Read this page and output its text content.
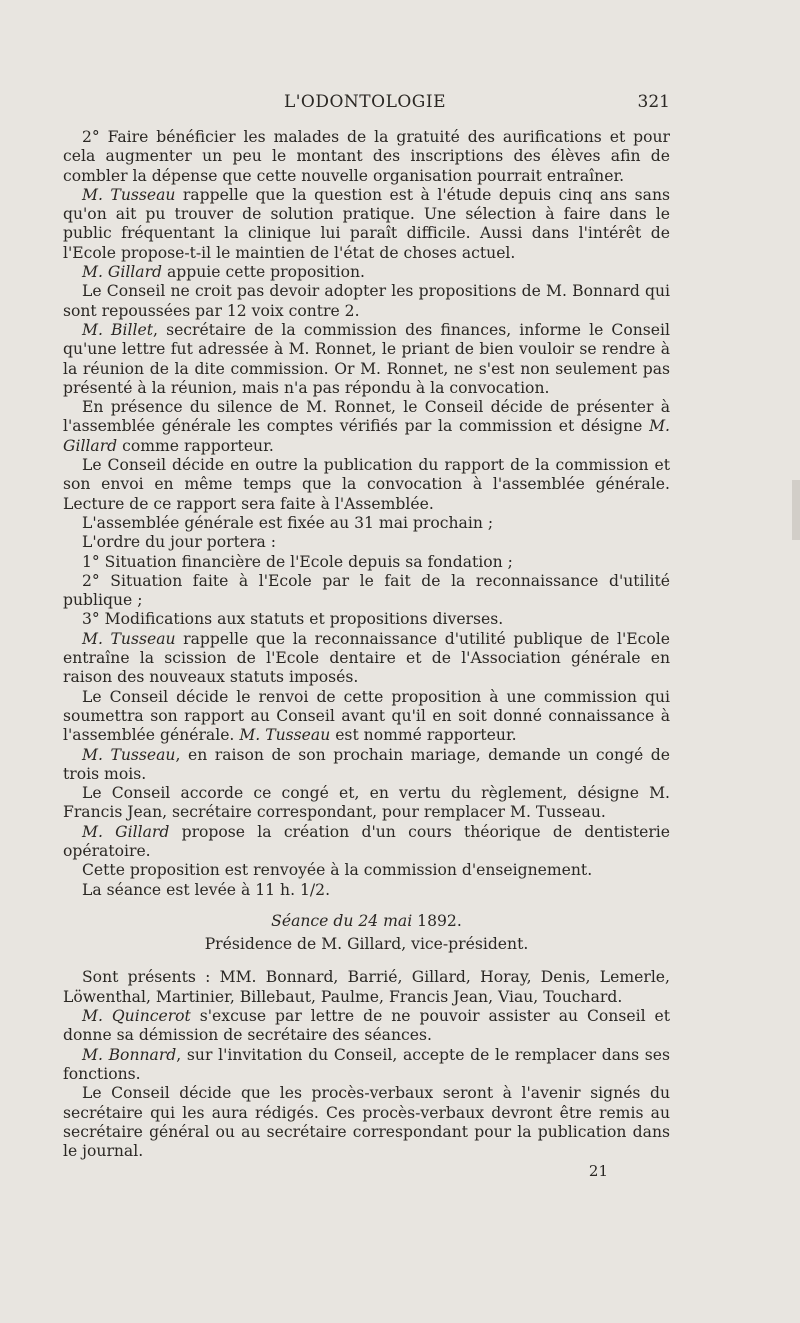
L'ODONTOLOGIE	321

2° Faire bénéficier les malades de la gratuité des aurifications et pour cela augmenter un peu le montant des inscriptions des élèves afin de combler la dépense que cette nouvelle organisation pourrait entraîner.

M. Tusseau rappelle que la question est à l'étude depuis cinq ans sans qu'on ait pu trouver de solution pratique. Une sélection à faire dans le public fréquentant la clinique lui paraît difficile. Aussi dans l'intérêt de l'Ecole propose-t-il le maintien de l'état de choses actuel.

M. Gillard appuie cette proposition.

Le Conseil ne croit pas devoir adopter les propositions de M. Bonnard qui sont repoussées par 12 voix contre 2.

M. Billet, secrétaire de la commission des finances, informe le Conseil qu'une lettre fut adressée à M. Ronnet, le priant de bien vouloir se rendre à la réunion de la dite commission. Or M. Ronnet, ne s'est non seulement pas présenté à la réunion, mais n'a pas répondu à la convocation.

En présence du silence de M. Ronnet, le Conseil décide de présenter à l'assemblée générale les comptes vérifiés par la commission et désigne M. Gillard comme rapporteur.

Le Conseil décide en outre la publication du rapport de la commission et son envoi en même temps que la convocation à l'assemblée générale. Lecture de ce rapport sera faite à l'Assemblée.

L'assemblée générale est fixée au 31 mai prochain ;

L'ordre du jour portera :

1° Situation financière de l'Ecole depuis sa fondation ;

2° Situation faite à l'Ecole par le fait de la reconnaissance d'utilité publique ;

3° Modifications aux statuts et propositions diverses.

M. Tusseau rappelle que la reconnaissance d'utilité publique de l'Ecole entraîne la scission de l'Ecole dentaire et de l'Association générale en raison des nouveaux statuts imposés.

Le Conseil décide le renvoi de cette proposition à une commission qui soumettra son rapport au Conseil avant qu'il en soit donné connaissance à l'assemblée générale. M. Tusseau est nommé rapporteur.

M. Tusseau, en raison de son prochain mariage, demande un congé de trois mois.

Le Conseil accorde ce congé et, en vertu du règlement, désigne M. Francis Jean, secrétaire correspondant, pour remplacer M. Tusseau.

M. Gillard propose la création d'un cours théorique de dentisterie opératoire.

Cette proposition est renvoyée à la commission d'enseignement.

La séance est levée à 11 h. 1/2.

Séance du 24 mai 1892.

Présidence de M. Gillard, vice-président.

Sont présents : MM. Bonnard, Barrié, Gillard, Horay, Denis, Lemerle, Löwenthal, Martinier, Billebaut, Paulme, Francis Jean, Viau, Touchard.

M. Quincerot s'excuse par lettre de ne pouvoir assister au Conseil et donne sa démission de secrétaire des séances.

M. Bonnard, sur l'invitation du Conseil, accepte de le remplacer dans ses fonctions.

Le Conseil décide que les procès-verbaux seront à l'avenir signés du secrétaire qui les aura rédigés. Ces procès-verbaux devront être remis au secrétaire général ou au secrétaire correspondant pour la publication dans le journal.

21
